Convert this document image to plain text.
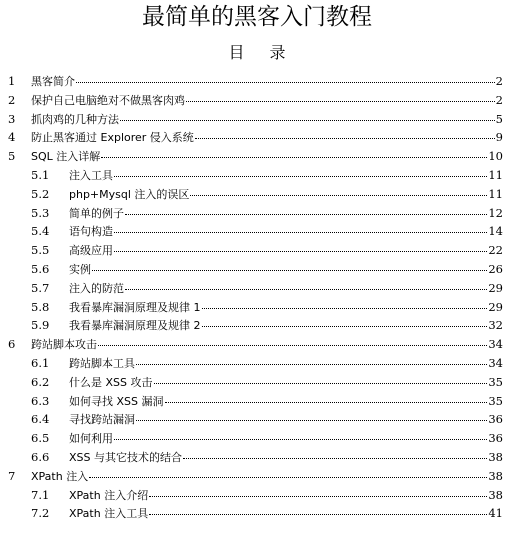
最简单的黑客入门教程
目 录
1 黑客简介	2
2 保护自己电脑绝对不做黑客肉鸡	2
3 抓肉鸡的几种方法	5
4 防止黑客通过 Explorer 侵入系统	9
5 SQL 注入详解	10
5.1 注入工具	11
5.2 php+Mysql 注入的误区	11
5.3 简单的例子	12
5.4 语句构造	14
5.5 高级应用	22
5.6 实例	26
5.7 注入的防范	29
5.8 我看暴库漏洞原理及规律 1	29
5.9 我看暴库漏洞原理及规律 2	32
6 跨站脚本攻击	34
6.1 跨站脚本工具	34
6.2 什么是 XSS 攻击	35
6.3 如何寻找 XSS 漏洞	35
6.4 寻找跨站漏洞	36
6.5 如何利用	36
6.6 XSS 与其它技术的结合	38
7 XPath 注入	38
7.1 XPath 注入介绍	38
7.2 XPath 注入工具	41
